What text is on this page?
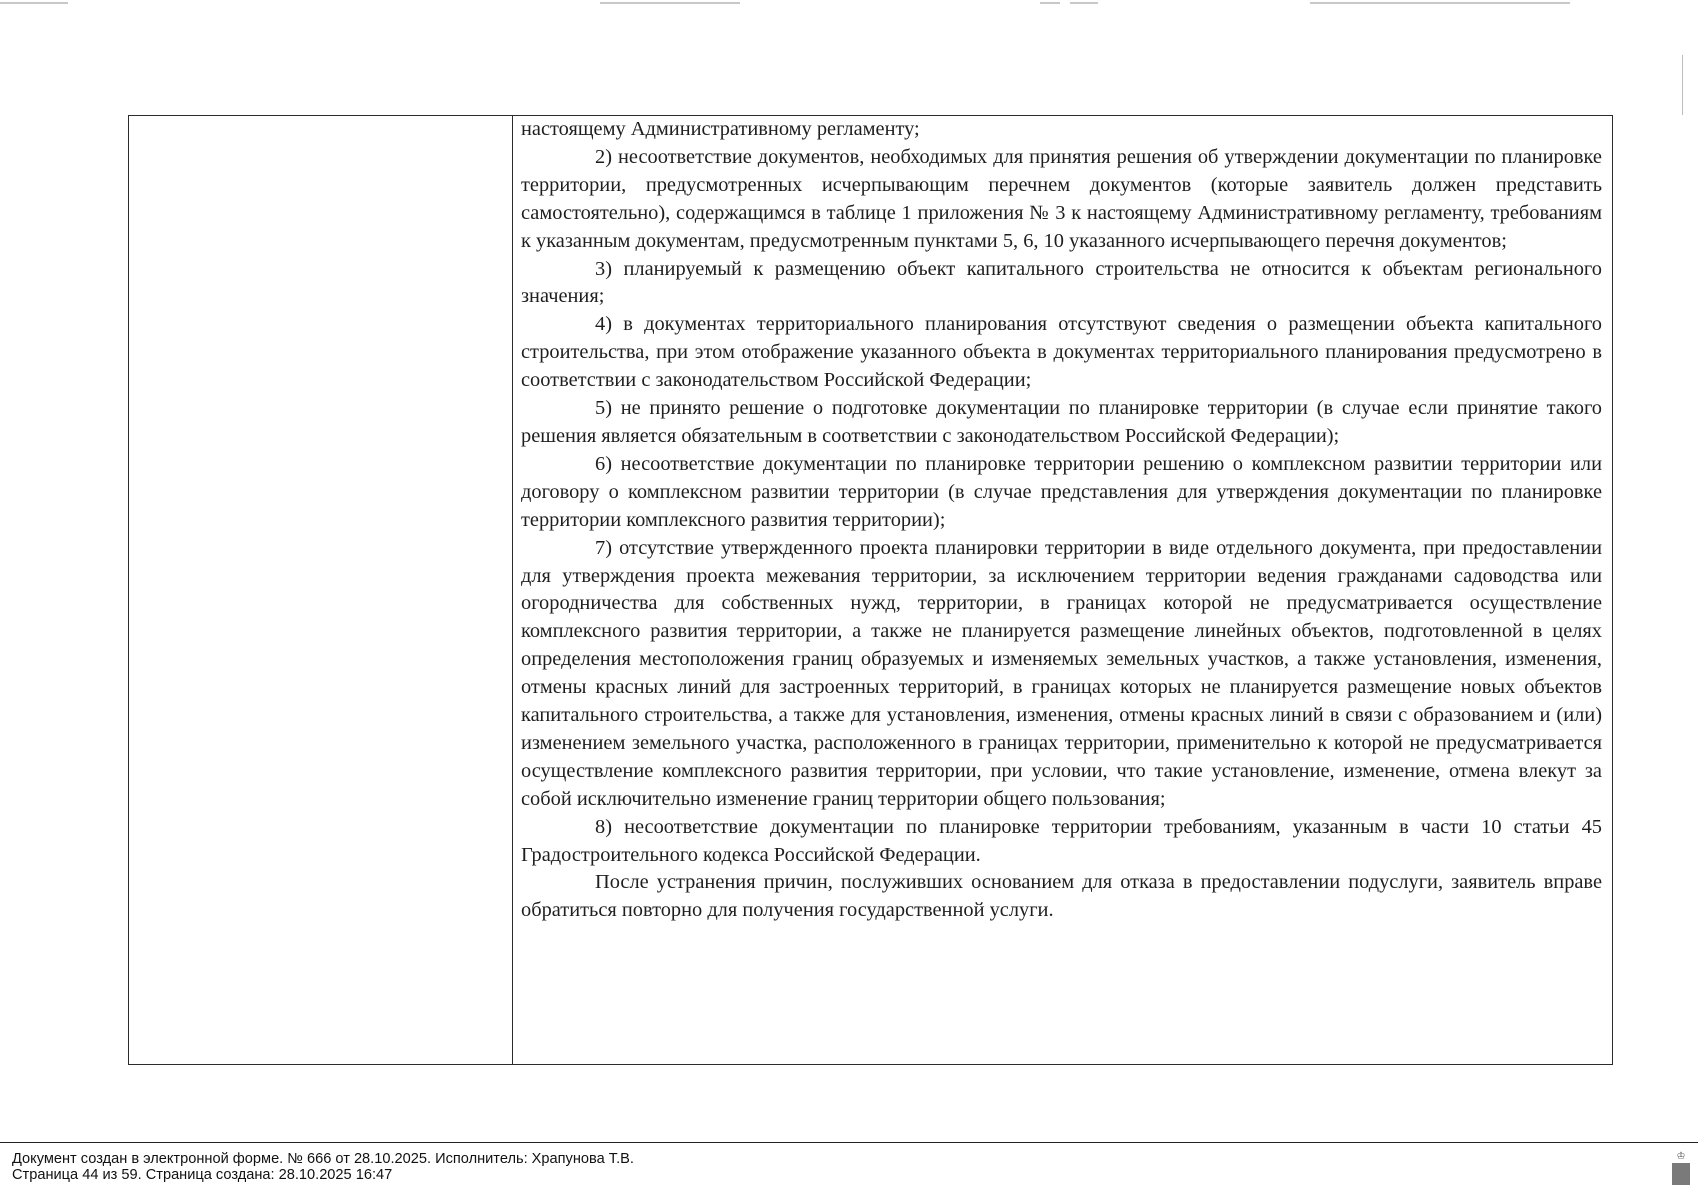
настоящему Административному регламенту;

2) несоответствие документов, необходимых для принятия решения об утверждении документации по планировке территории, предусмотренных исчерпывающим перечнем документов (которые заявитель должен представить самостоятельно), содержащимся в таблице 1 приложения № 3 к настоящему Административному регламенту, требованиям к указанным документам, предусмотренным пунктами 5, 6, 10 указанного исчерпывающего перечня документов;

3) планируемый к размещению объект капитального строительства не относится к объектам регионального значения;

4) в документах территориального планирования отсутствуют сведения о размещении объекта капитального строительства, при этом отображение указанного объекта в документах территориального планирования предусмотрено в соответствии с законодательством Российской Федерации;

5) не принято решение о подготовке документации по планировке территории (в случае если принятие такого решения является обязательным в соответствии с законодательством Российской Федерации);

6) несоответствие документации по планировке территории решению о комплексном развитии территории или договору о комплексном развитии территории (в случае представления для утверждения документации по планировке территории комплексного развития территории);

7) отсутствие утвержденного проекта планировки территории в виде отдельного документа, при предоставлении для утверждения проекта межевания территории, за исключением территории ведения гражданами садоводства или огородничества для собственных нужд, территории, в границах которой не предусматривается осуществление комплексного развития территории, а также не планируется размещение линейных объектов, подготовленной в целях определения местоположения границ образуемых и изменяемых земельных участков, а также установления, изменения, отмены красных линий для застроенных территорий, в границах которых не планируется размещение новых объектов капитального строительства, а также для установления, изменения, отмены красных линий в связи с образованием и (или) изменением земельного участка, расположенного в границах территории, применительно к которой не предусматривается осуществление комплексного развития территории, при условии, что такие установление, изменение, отмена влекут за собой исключительно изменение границ территории общего пользования;

8) несоответствие документации по планировке территории требованиям, указанным в части 10 статьи 45 Градостроительного кодекса Российской Федерации.

После устранения причин, послуживших основанием для отказа в предоставлении подуслуги, заявитель вправе обратиться повторно для получения государственной услуги.

Документ создан в электронной форме. № 666 от 28.10.2025. Исполнитель: Храпунова Т.В.
Страница 44 из 59. Страница создана: 28.10.2025 16:47
♔
